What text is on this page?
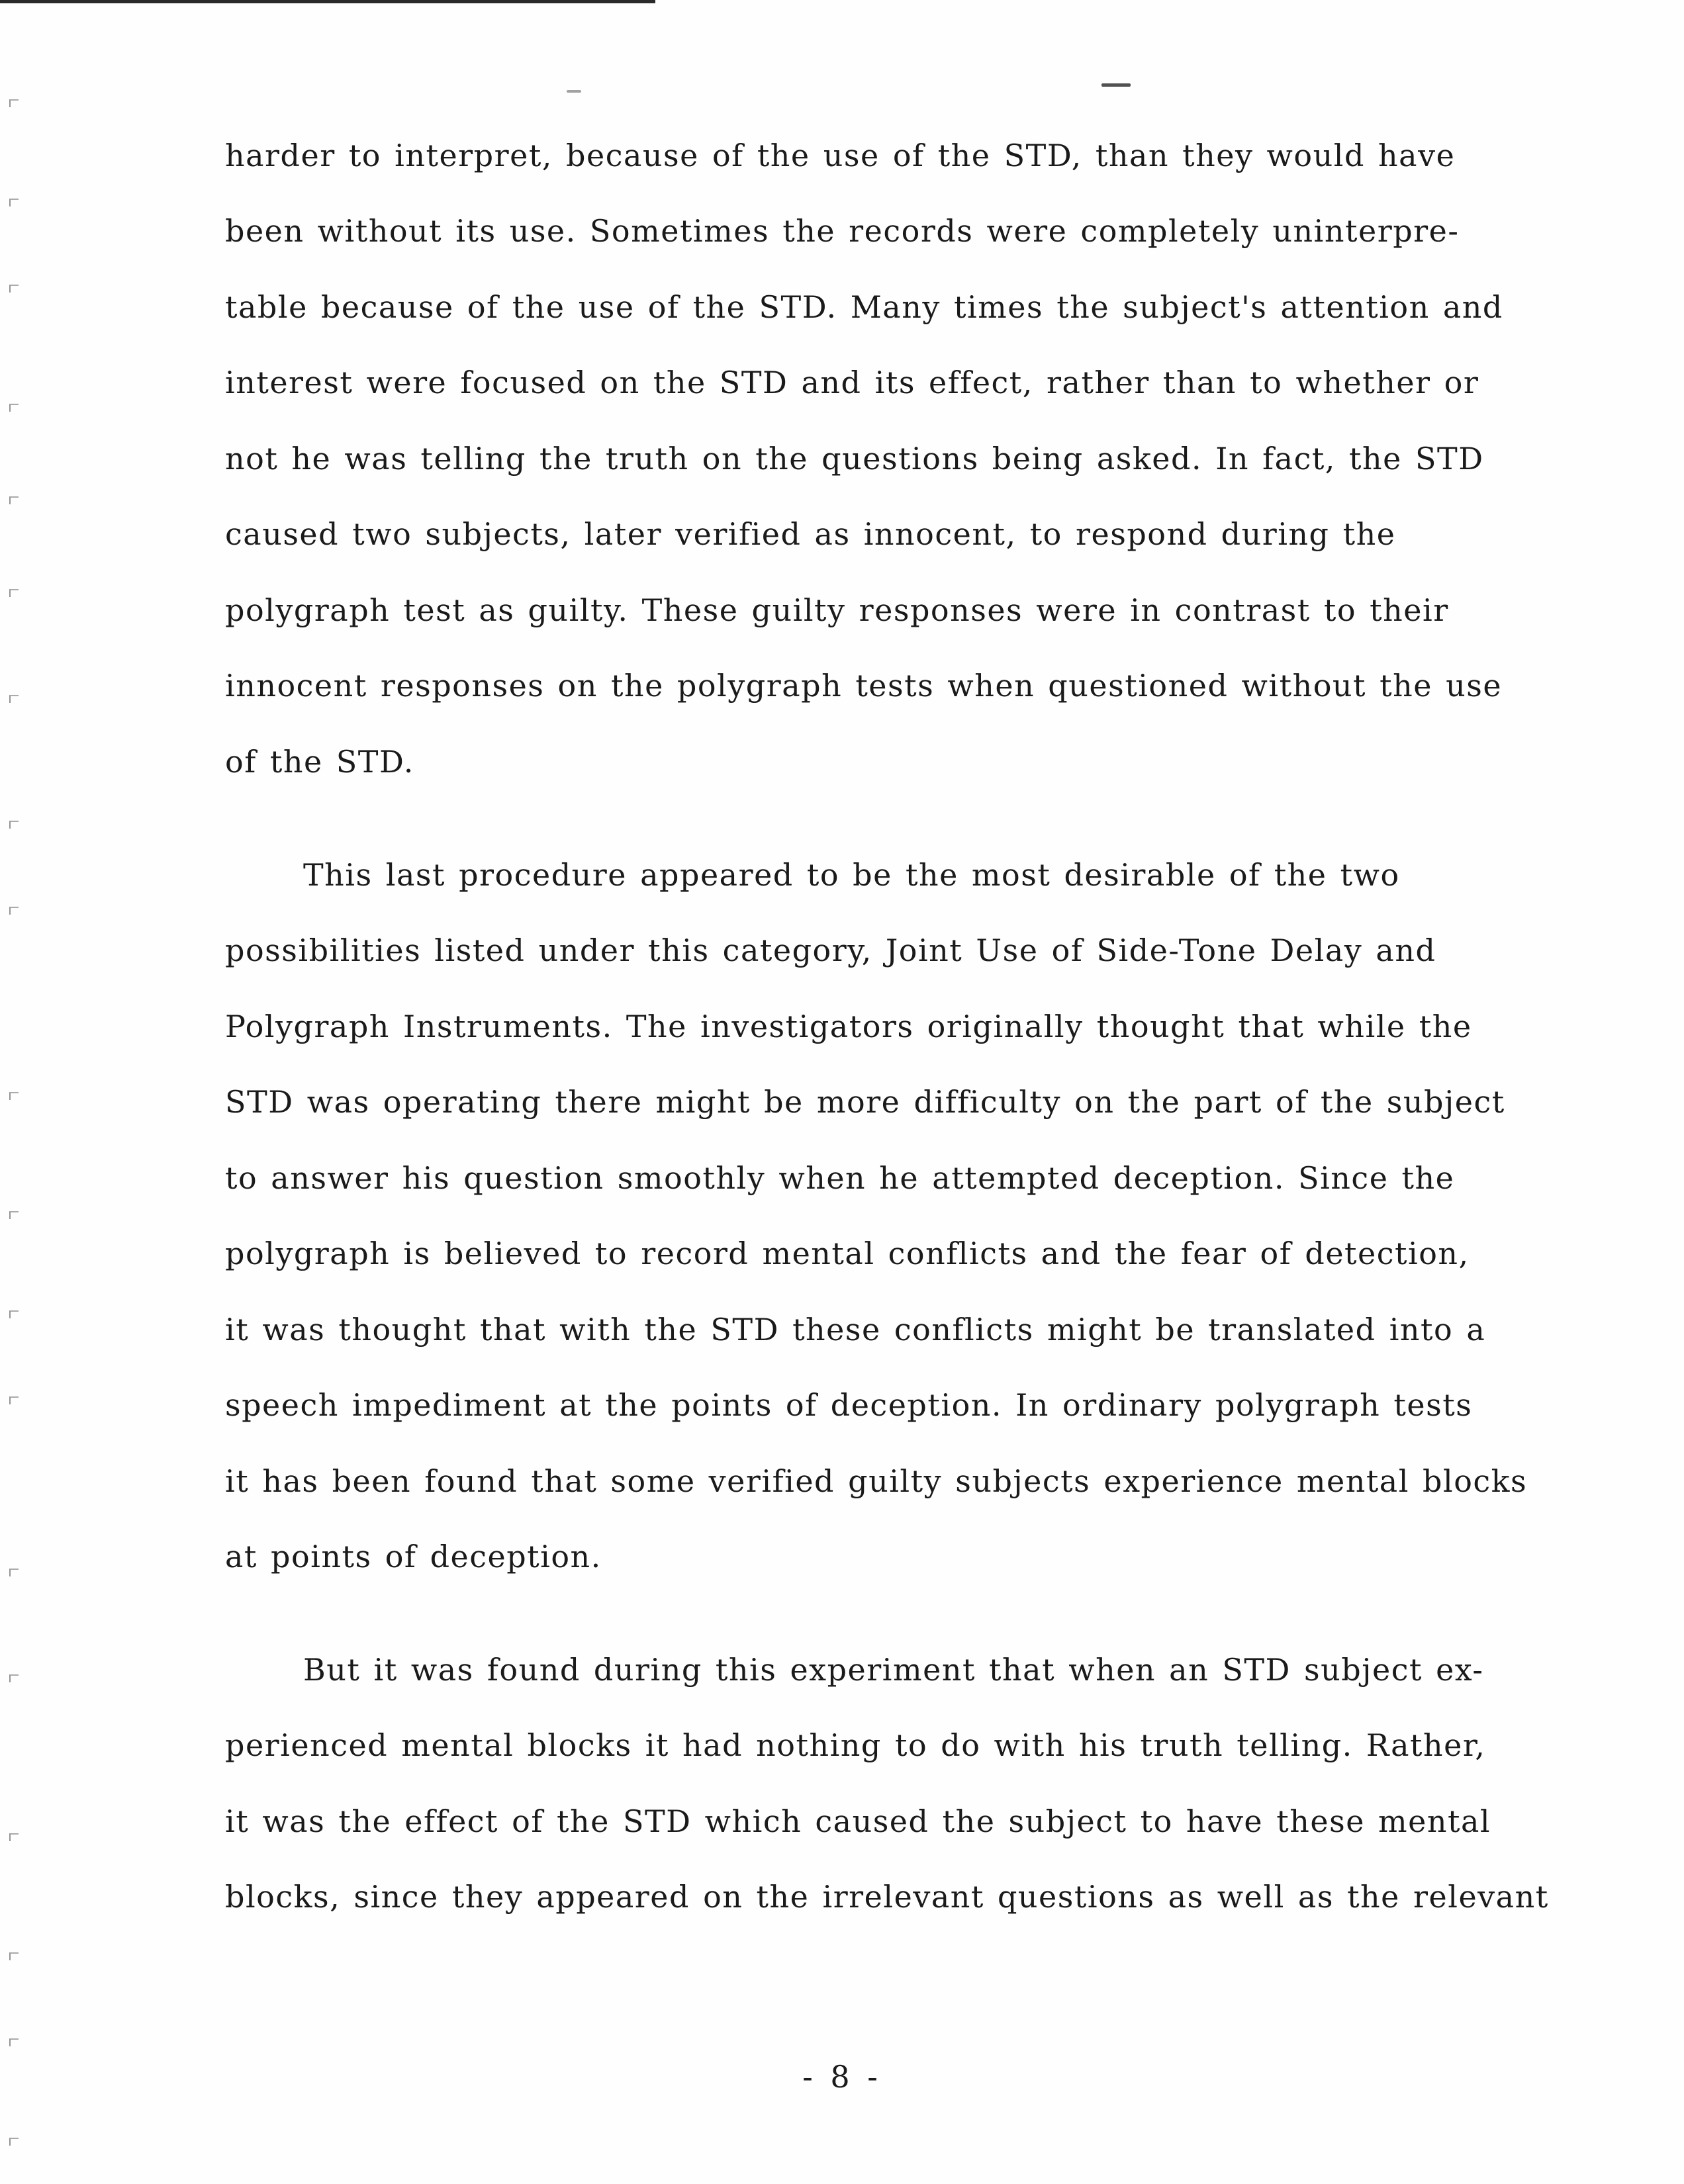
harder to interpret, because of the use of the STD, than they would have
been without its use. Sometimes the records were completely uninterpre-
table because of the use of the STD. Many times the subject's attention and
interest were focused on the STD and its effect, rather than to whether or
not he was telling the truth on the questions being asked. In fact, the STD
caused two subjects, later verified as innocent, to respond during the
polygraph test as guilty. These guilty responses were in contrast to their
innocent responses on the polygraph tests when questioned without the use
of the STD.
This last procedure appeared to be the most desirable of the two
possibilities listed under this category, Joint Use of Side-Tone Delay and
Polygraph Instruments. The investigators originally thought that while the
STD was operating there might be more difficulty on the part of the subject
to answer his question smoothly when he attempted deception. Since the
polygraph is believed to record mental conflicts and the fear of detection,
it was thought that with the STD these conflicts might be translated into a
speech impediment at the points of deception. In ordinary polygraph tests
it has been found that some verified guilty subjects experience mental blocks
at points of deception.
But it was found during this experiment that when an STD subject ex-
perienced mental blocks it had nothing to do with his truth telling. Rather,
it was the effect of the STD which caused the subject to have these mental
blocks, since they appeared on the irrelevant questions as well as the relevant
- 8 -
